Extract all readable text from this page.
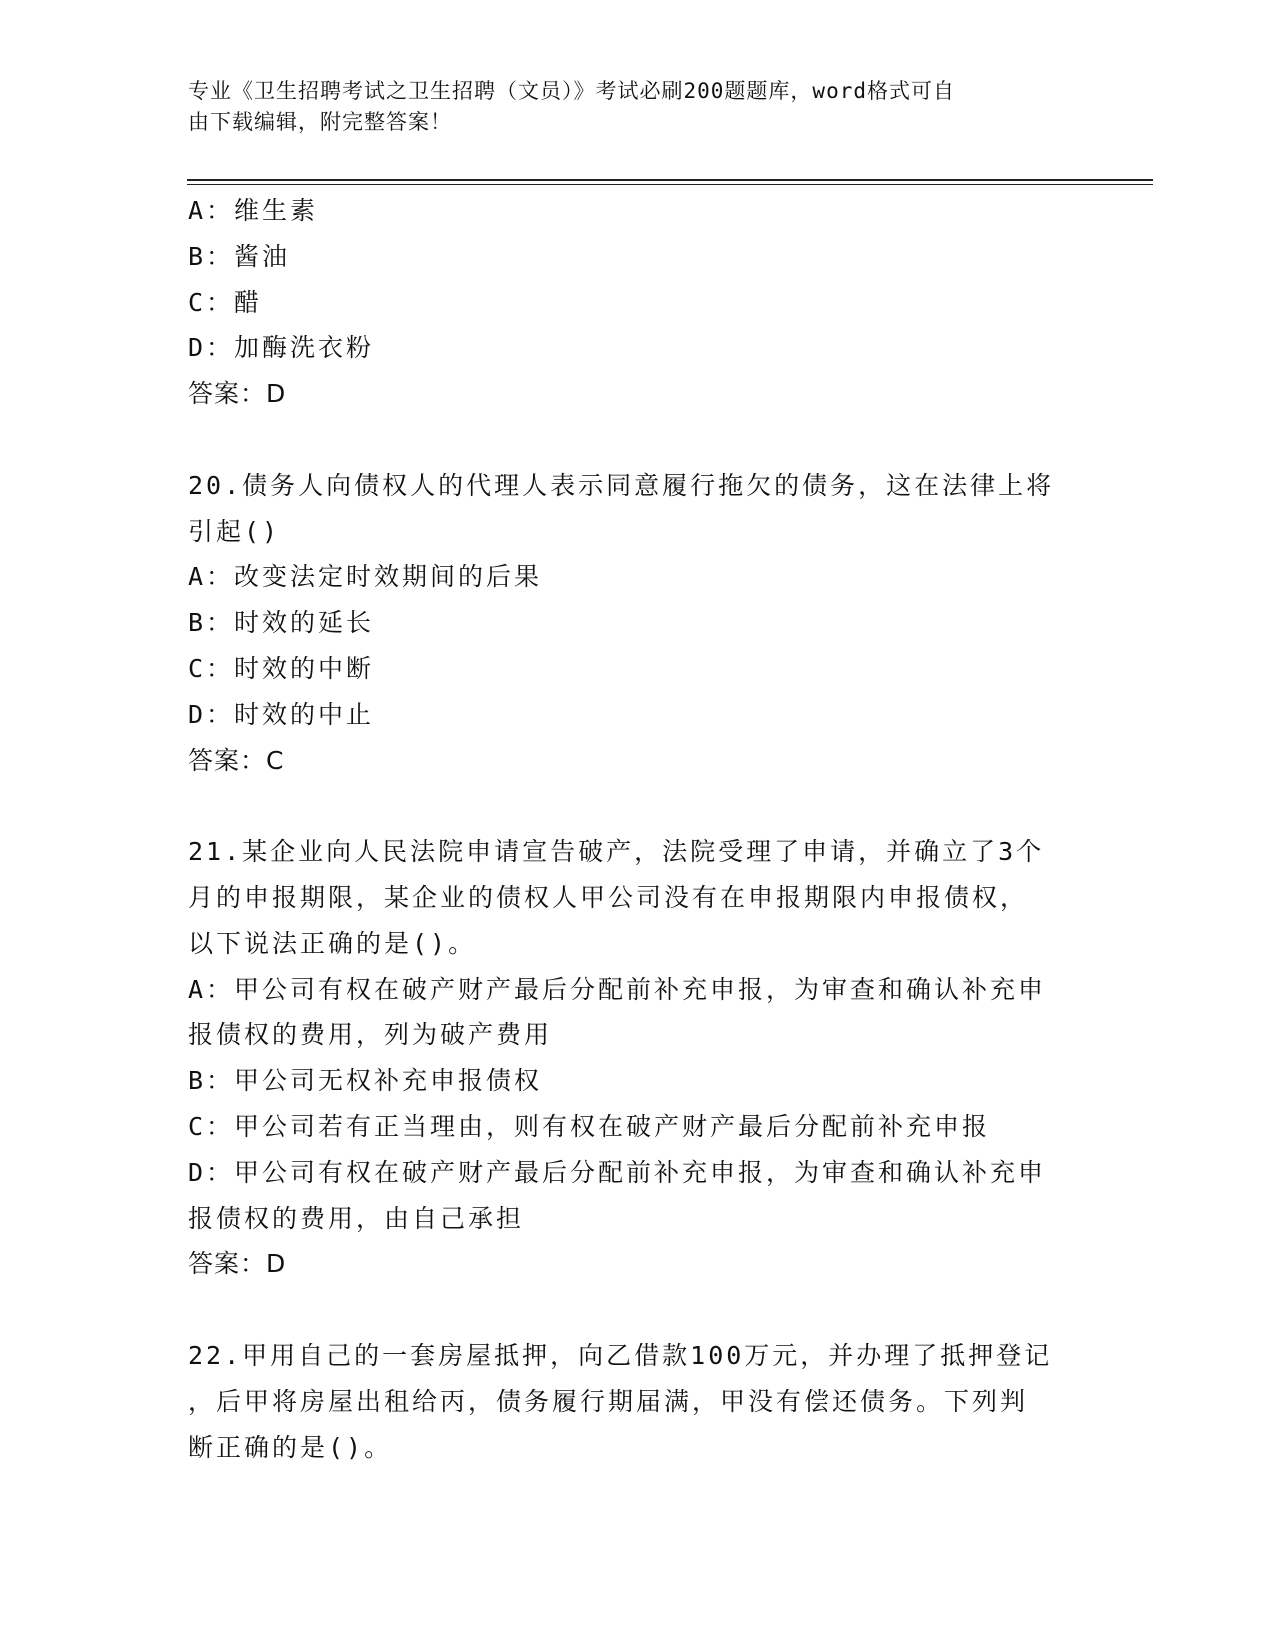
专业《卫生招聘考试之卫生招聘（文员）》考试必刷200题题库，word格式可自
由下载编辑，附完整答案！
A：维生素
B：酱油
C：醋
D：加酶洗衣粉
答案：D
20.债务人向债权人的代理人表示同意履行拖欠的债务，这在法律上将
引起()
A：改变法定时效期间的后果
B：时效的延长
C：时效的中断
D：时效的中止
答案：C
21.某企业向人民法院申请宣告破产，法院受理了申请，并确立了3个
月的申报期限，某企业的债权人甲公司没有在申报期限内申报债权，
以下说法正确的是()。
A：甲公司有权在破产财产最后分配前补充申报，为审查和确认补充申
报债权的费用，列为破产费用
B：甲公司无权补充申报债权
C：甲公司若有正当理由，则有权在破产财产最后分配前补充申报
D：甲公司有权在破产财产最后分配前补充申报，为审查和确认补充申
报债权的费用，由自己承担
答案：D
22.甲用自己的一套房屋抵押，向乙借款100万元，并办理了抵押登记
，后甲将房屋出租给丙，债务履行期届满，甲没有偿还债务。下列判
断正确的是()。
